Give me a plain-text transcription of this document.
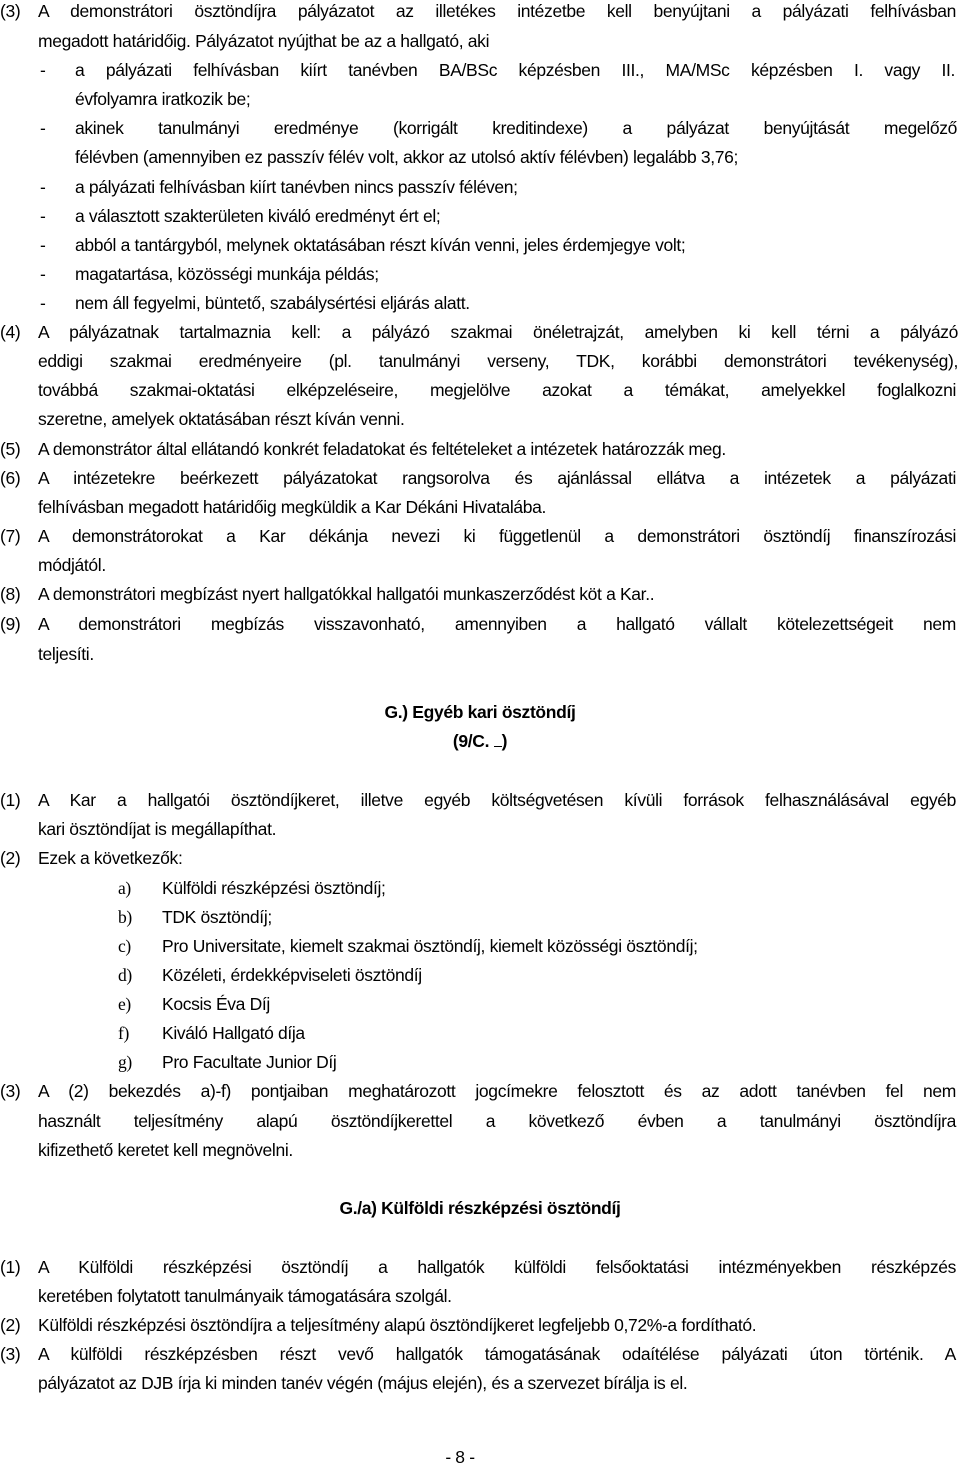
(3) A demonstrátori ösztöndíjra pályázatot az illetékes intézetbe kell benyújtani a pályázati felhívásban
megadott határidőig. Pályázatot nyújthat be az a hallgató, aki
- a pályázati felhívásban kiírt tanévben BA/BSc képzésben III., MA/MSc képzésben I. vagy II.
évfolyamra iratkozik be;
- akinek tanulmányi eredménye (korrigált kreditindexe) a pályázat benyújtását megelőző
félévben (amennyiben ez passzív félév volt, akkor az utolsó aktív félévben) legalább 3,76;
- a pályázati felhívásban kiírt tanévben nincs passzív féléven;
- a választott szakterületen kiváló eredményt ért el;
- abból a tantárgyból, melynek oktatásában részt kíván venni, jeles érdemjegye volt;
- magatartása, közösségi munkája példás;
- nem áll fegyelmi, büntető, szabálysértési eljárás alatt.
(4) A pályázatnak tartalmaznia kell: a pályázó szakmai önéletrajzát, amelyben ki kell térni a pályázó
eddigi szakmai eredményeire (pl. tanulmányi verseny, TDK, korábbi demonstrátori tevékenység),
továbbá szakmai-oktatási elképzeléseire, megjelölve azokat a témákat, amelyekkel foglalkozni
szeretne, amelyek oktatásában részt kíván venni.
(5) A demonstrátor által ellátandó konkrét feladatokat és feltételeket a intézetek határozzák meg.
(6) A intézetekre beérkezett pályázatokat rangsorolva és ajánlással ellátva a intézetek a pályázati
felhívásban megadott határidőig megküldik a Kar Dékáni Hivatalába.
(7) A demonstrátorokat a Kar dékánja nevezi ki függetlenül a demonstrátori ösztöndíj finanszírozási
módjától.
(8) A demonstrátori megbízást nyert hallgatókkal hallgatói munkaszerződést köt a Kar..
(9) A demonstrátori megbízás visszavonható, amennyiben a hallgató vállalt kötelezettségeit nem
teljesíti.
G.) Egyéb kari ösztöndíj
(9/C. )
(1) A Kar a hallgatói ösztöndíjkeret, illetve egyéb költségvetésen kívüli források felhasználásával egyéb
kari ösztöndíjat is megállapíthat.
(2) Ezek a következők:
a) Külföldi részképzési ösztöndíj;
b) TDK ösztöndíj;
c) Pro Universitate, kiemelt szakmai ösztöndíj, kiemelt közösségi ösztöndíj;
d) Közéleti, érdekképviseleti ösztöndíj
e) Kocsis Éva Díj
f) Kiváló Hallgató díja
g) Pro Facultate Junior Díj
(3) A (2) bekezdés a)-f) pontjaiban meghatározott jogcímekre felosztott és az adott tanévben fel nem
használt teljesítmény alapú ösztöndíjkerettel a következő évben a tanulmányi ösztöndíjra
kifizethető keretet kell megnövelni.
G./a) Külföldi részképzési ösztöndíj
(1) A Külföldi részképzési ösztöndíj a hallgatók külföldi felsőoktatási intézményekben részképzés
keretében folytatott tanulmányaik támogatására szolgál.
(2) Külföldi részképzési ösztöndíjra a teljesítmény alapú ösztöndíjkeret legfeljebb 0,72%-a fordítható.
(3) A külföldi részképzésben részt vevő hallgatók támogatásának odaítélése pályázati úton történik. A
pályázatot az DJB írja ki minden tanév végén (május elején), és a szervezet bírálja is el.
- 8 -
